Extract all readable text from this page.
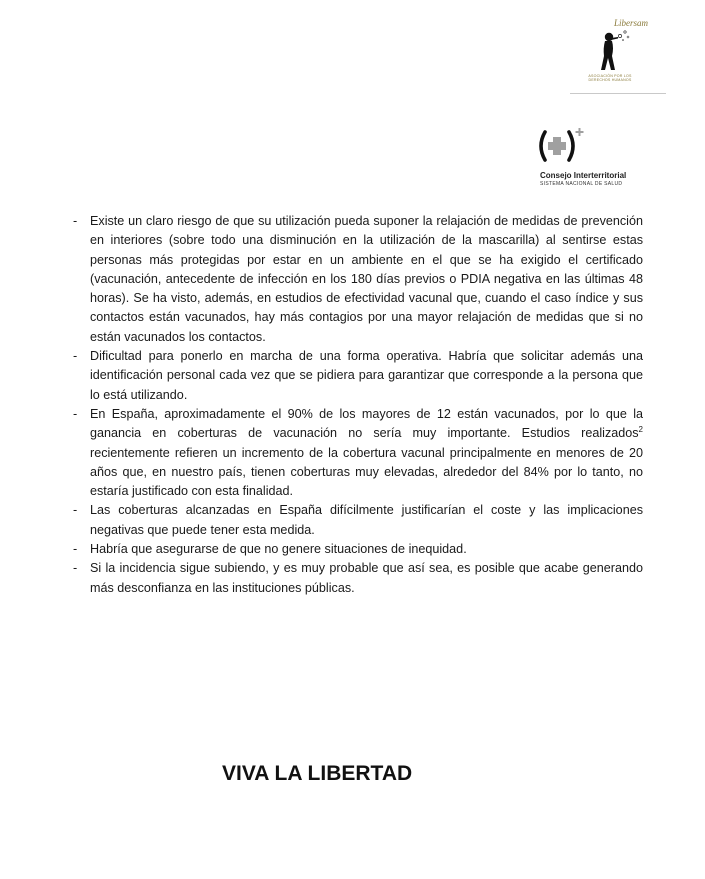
Libersam
ASOCIACIÓN POR LOS DERECHOS HUMANOS
Consejo Interterritorial
SISTEMA NACIONAL DE SALUD
- Existe un claro riesgo de que su utilización pueda suponer la relajación de medidas de prevención en interiores (sobre todo una disminución en la utilización de la mascarilla) al sentirse estas personas más protegidas por estar en un ambiente en el que se ha exigido el certificado (vacunación, antecedente de infección en los 180 días previos o PDIA negativa en las últimas 48 horas). Se ha visto, además, en estudios de efectividad vacunal que, cuando el caso índice y sus contactos están vacunados, hay más contagios por una mayor relajación de medidas que si no están vacunados los contactos.
- Dificultad para ponerlo en marcha de una forma operativa. Habría que solicitar además una identificación personal cada vez que se pidiera para garantizar que corresponde a la persona que lo está utilizando.
- En España, aproximadamente el 90% de los mayores de 12 están vacunados, por lo que la ganancia en coberturas de vacunación no sería muy importante. Estudios realizados$^2$ recientemente refieren un incremento de la cobertura vacunal principalmente en menores de 20 años que, en nuestro país, tienen coberturas muy elevadas, alrededor del 84% por lo tanto, no estaría justificado con esta finalidad.
- Las coberturas alcanzadas en España difícilmente justificarían el coste y las implicaciones negativas que puede tener esta medida.
- Habría que asegurarse de que no genere situaciones de inequidad.
- Si la incidencia sigue subiendo, y es muy probable que así sea, es posible que acabe generando más desconfianza en las instituciones públicas.
VIVA LA LIBERTAD
